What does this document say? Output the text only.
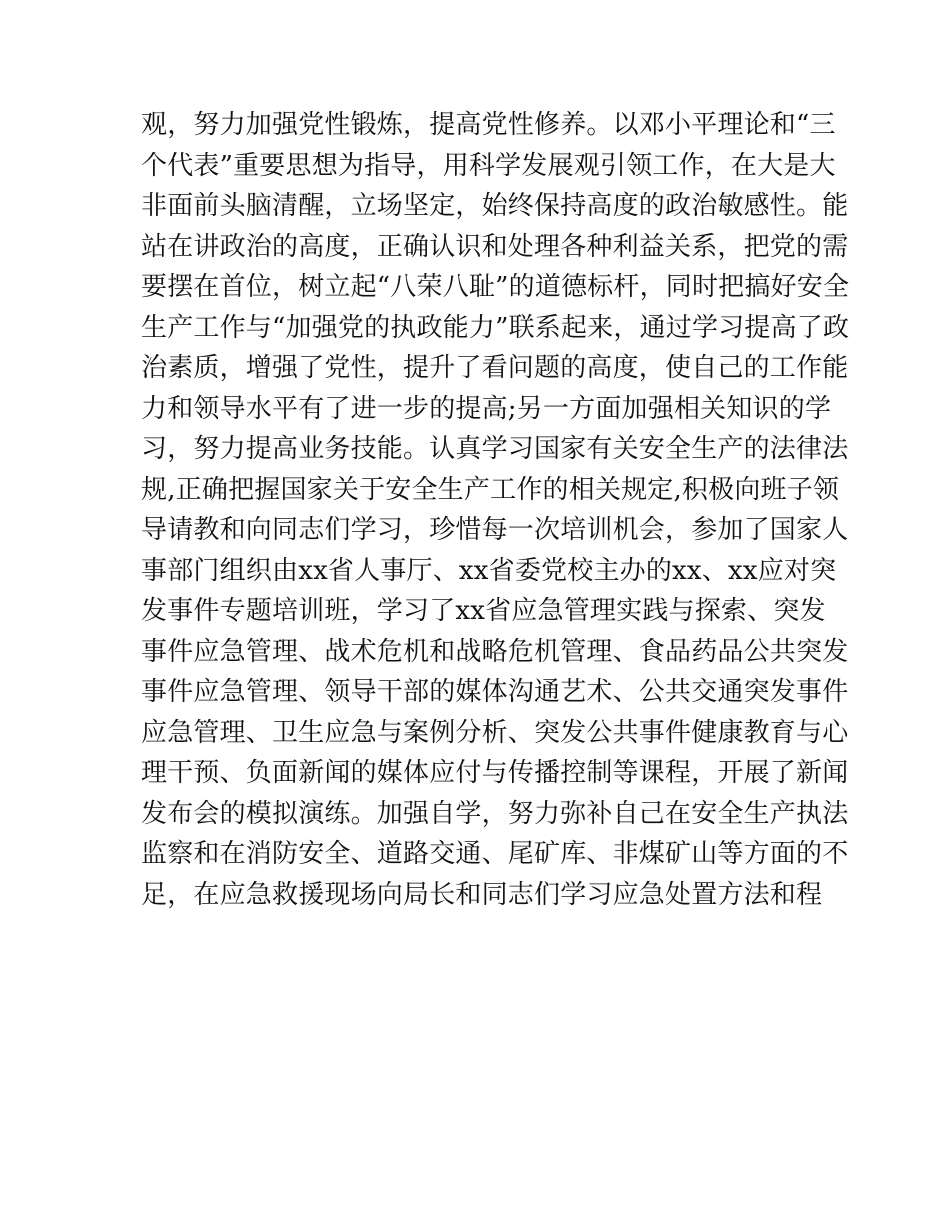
观，努力加强党性锻炼，提高党性修养。以邓小平理论和“三
个代表”重要思想为指导，用科学发展观引领工作，在大是大
非面前头脑清醒，立场坚定，始终保持高度的政治敏感性。能
站在讲政治的高度，正确认识和处理各种利益关系，把党的需
要摆在首位，树立起“八荣八耻”的道德标杆，同时把搞好安全
生产工作与“加强党的执政能力”联系起来，通过学习提高了政
治素质，增强了党性，提升了看问题的高度，使自己的工作能
力和领导水平有了进一步的提高;另一方面加强相关知识的学
习，努力提高业务技能。认真学习国家有关安全生产的法律法
规,正确把握国家关于安全生产工作的相关规定,积极向班子领
导请教和向同志们学习，珍惜每一次培训机会，参加了国家人
事部门组织由xx省人事厅、xx省委党校主办的xx、xx应对突
发事件专题培训班，学习了xx省应急管理实践与探索、突发
事件应急管理、战术危机和战略危机管理、食品药品公共突发
事件应急管理、领导干部的媒体沟通艺术、公共交通突发事件
应急管理、卫生应急与案例分析、突发公共事件健康教育与心
理干预、负面新闻的媒体应付与传播控制等课程，开展了新闻
发布会的模拟演练。加强自学，努力弥补自己在安全生产执法
监察和在消防安全、道路交通、尾矿库、非煤矿山等方面的不
足，在应急救援现场向局长和同志们学习应急处置方法和程
